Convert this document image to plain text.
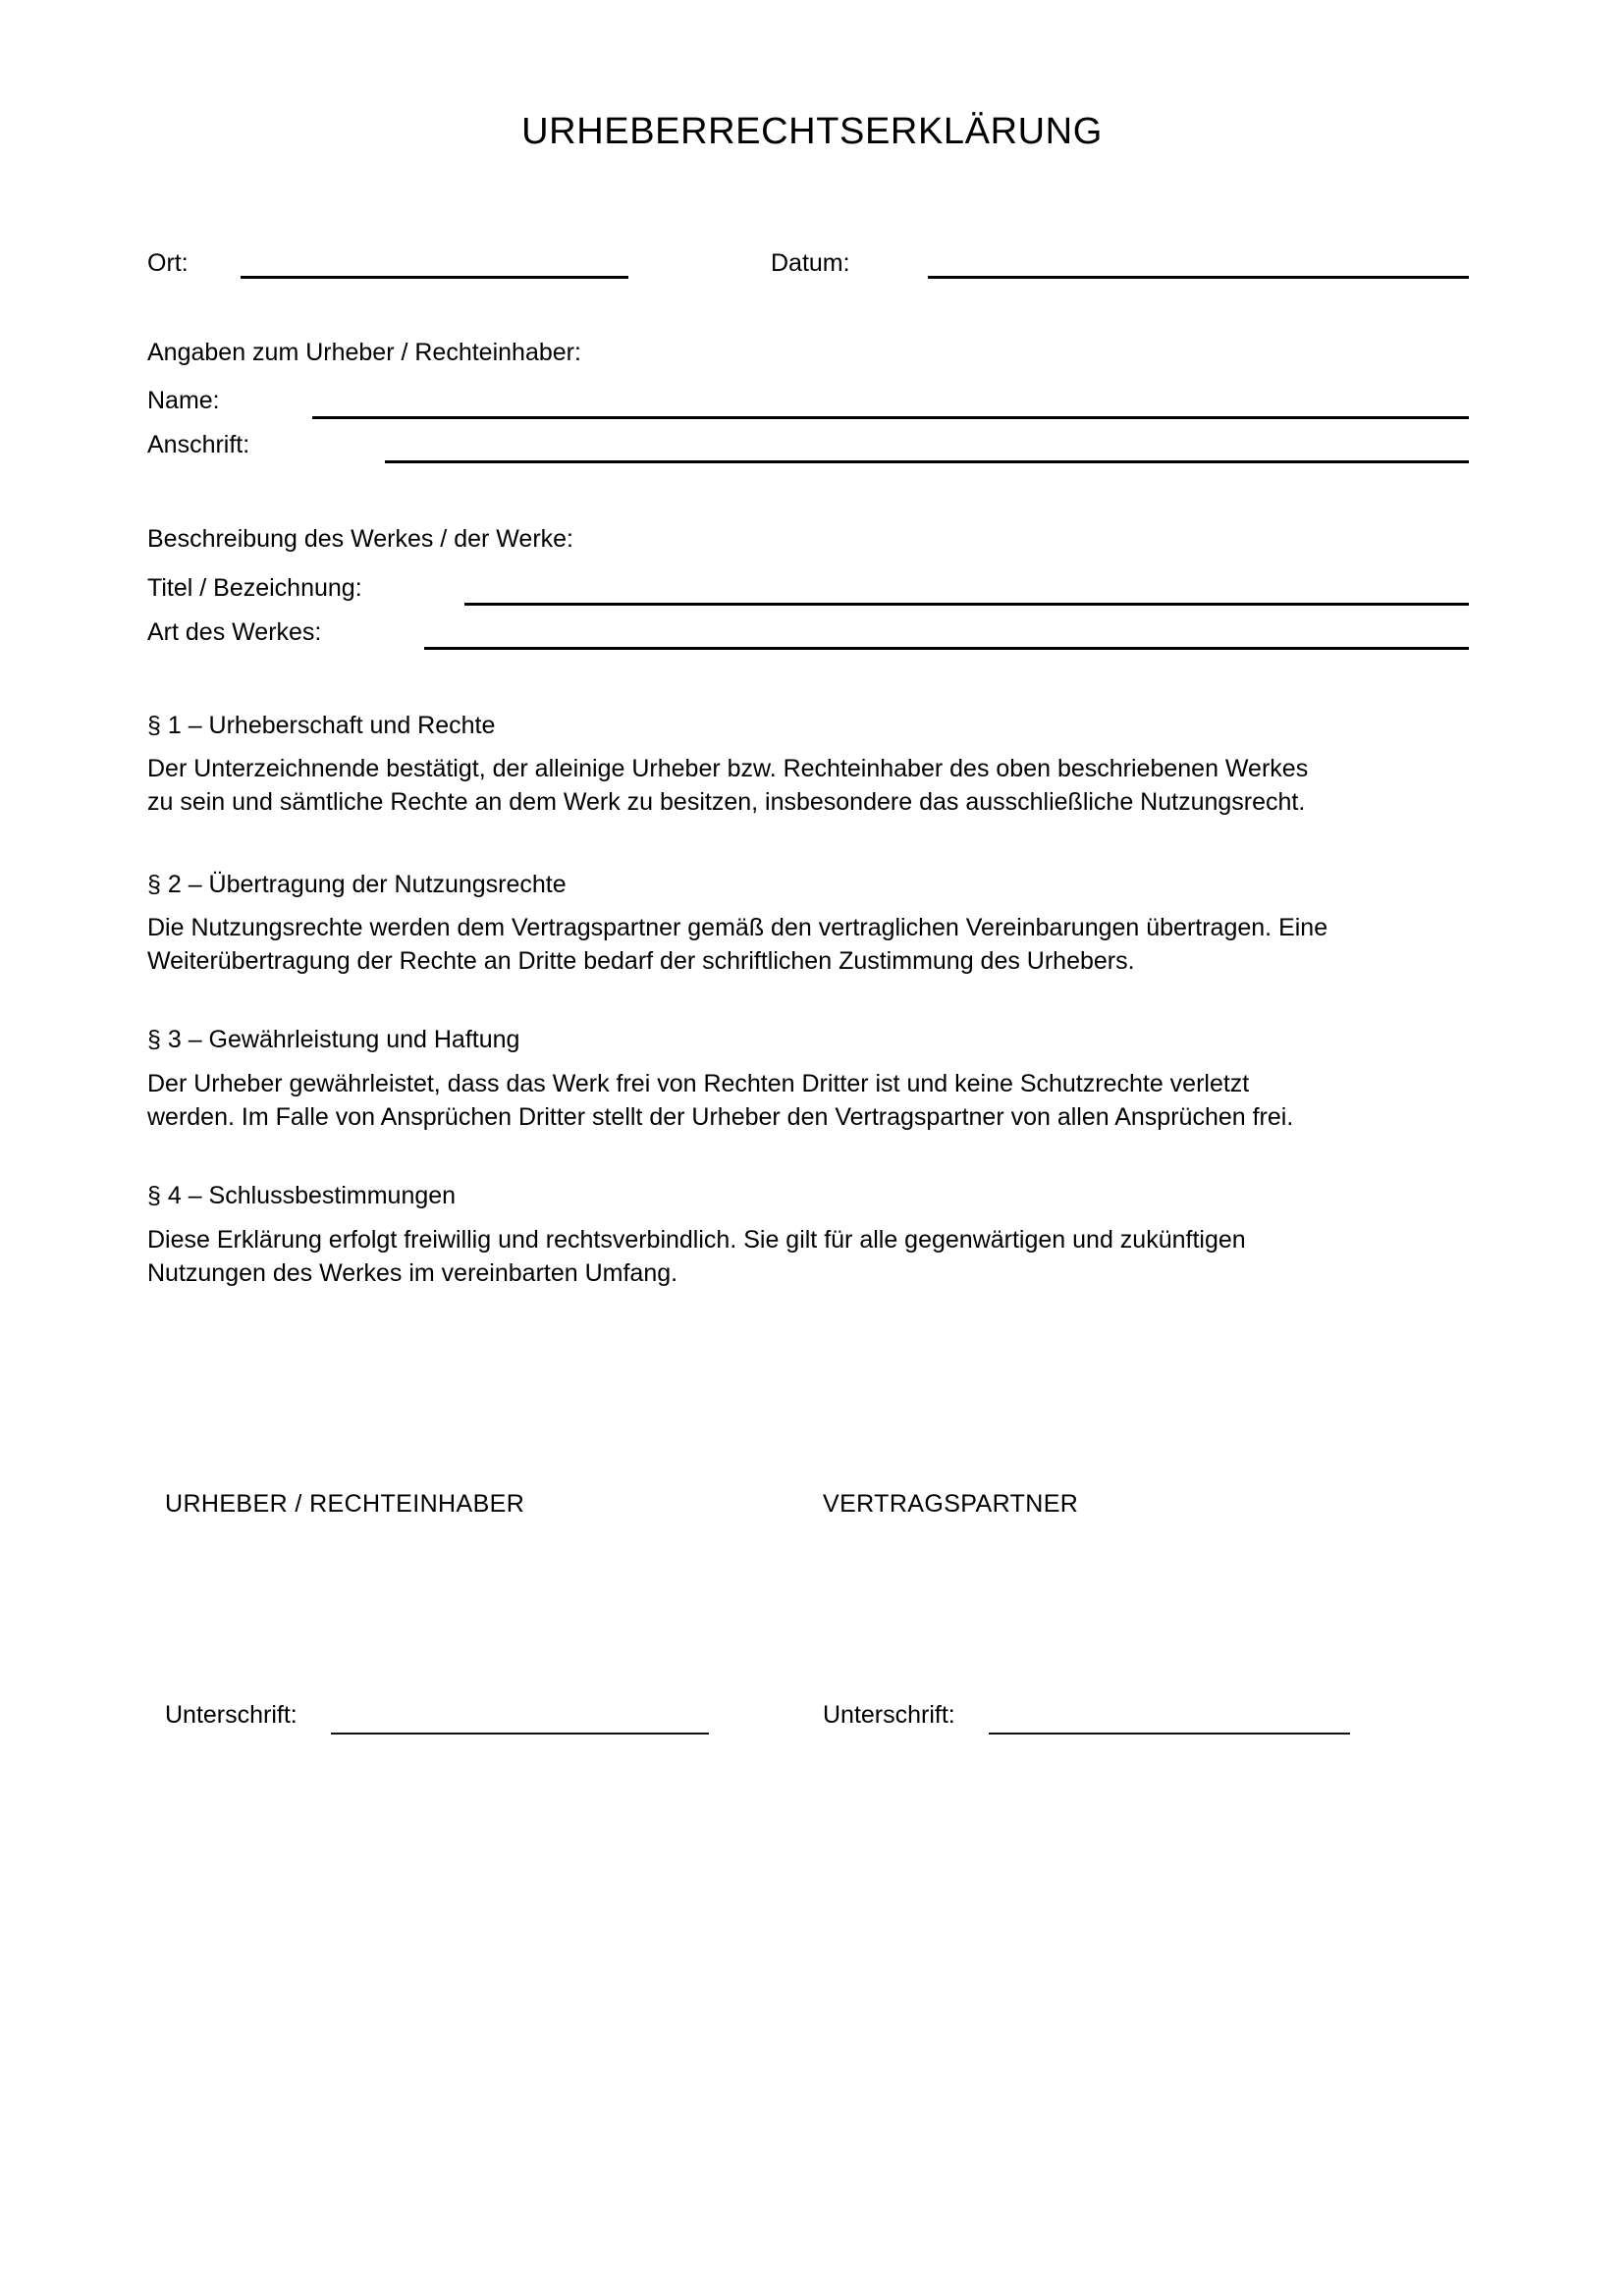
URHEBERRECHTSERKLÄRUNG
Ort:	Datum:
Angaben zum Urheber / Rechteinhaber:
Name:
Anschrift:
Beschreibung des Werkes / der Werke:
Titel / Bezeichnung:
Art des Werkes:
§ 1 – Urheberschaft und Rechte
Der Unterzeichnende bestätigt, der alleinige Urheber bzw. Rechteinhaber des oben beschriebenen Werkes
zu sein und sämtliche Rechte an dem Werk zu besitzen, insbesondere das ausschließliche Nutzungsrecht.
§ 2 – Übertragung der Nutzungsrechte
Die Nutzungsrechte werden dem Vertragspartner gemäß den vertraglichen Vereinbarungen übertragen. Eine
Weiterübertragung der Rechte an Dritte bedarf der schriftlichen Zustimmung des Urhebers.
§ 3 – Gewährleistung und Haftung
Der Urheber gewährleistet, dass das Werk frei von Rechten Dritter ist und keine Schutzrechte verletzt
werden. Im Falle von Ansprüchen Dritter stellt der Urheber den Vertragspartner von allen Ansprüchen frei.
§ 4 – Schlussbestimmungen
Diese Erklärung erfolgt freiwillig und rechtsverbindlich. Sie gilt für alle gegenwärtigen und zukünftigen
Nutzungen des Werkes im vereinbarten Umfang.
URHEBER / RECHTEINHABER
Unterschrift:
VERTRAGSPARTNER
Unterschrift:
